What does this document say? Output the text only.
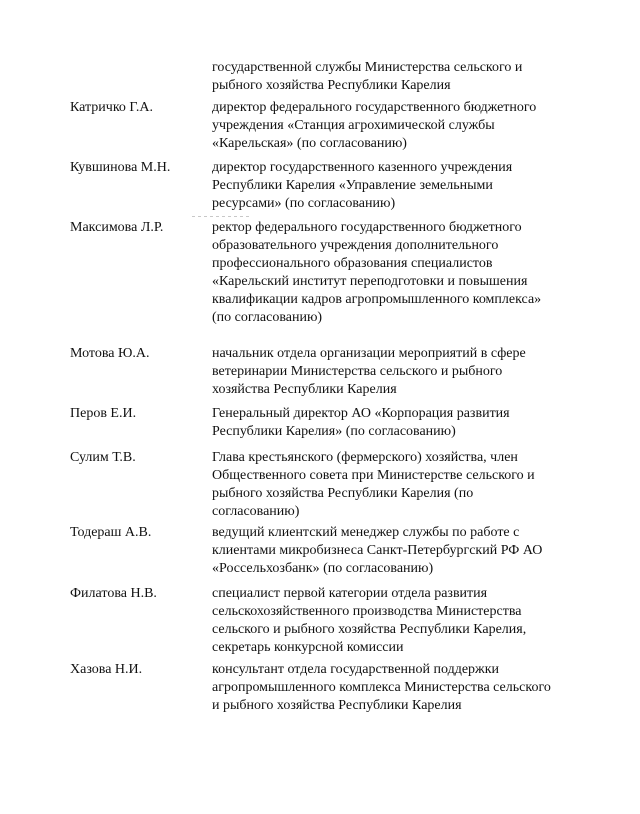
государственной службы Министерства сельского и
рыбного хозяйства Республики Карелия
Катричко Г.А.	директор федерального государственного бюджетного
учреждения «Станция агрохимической службы
«Карельская» (по согласованию)
Кувшинова М.Н.	директор государственного казенного учреждения
Республики Карелия «Управление земельными
ресурсами» (по согласованию)
Максимова Л.Р.	ректор федерального государственного бюджетного
образовательного учреждения дополнительного
профессионального образования специалистов
«Карельский институт переподготовки и повышения
квалификации кадров агропромышленного комплекса»
(по согласованию)
Мотова Ю.А.	начальник отдела организации мероприятий в сфере
ветеринарии Министерства сельского и рыбного
хозяйства Республики Карелия
Перов Е.И.	Генеральный директор АО «Корпорация развития
Республики Карелия» (по согласованию)
Сулим Т.В.	Глава крестьянского (фермерского) хозяйства, член
Общественного совета при Министерстве сельского и
рыбного хозяйства Республики Карелия (по
согласованию)
Тодераш А.В.	ведущий клиентский менеджер службы по работе с
клиентами микробизнеса Санкт-Петербургский РФ АО
«Россельхозбанк» (по согласованию)
Филатова Н.В.	специалист первой категории отдела развития
сельскохозяйственного производства Министерства
сельского и рыбного хозяйства Республики Карелия,
секретарь конкурсной комиссии
Хазова Н.И.	консультант отдела государственной поддержки
агропромышленного комплекса Министерства сельского
и рыбного хозяйства Республики Карелия
